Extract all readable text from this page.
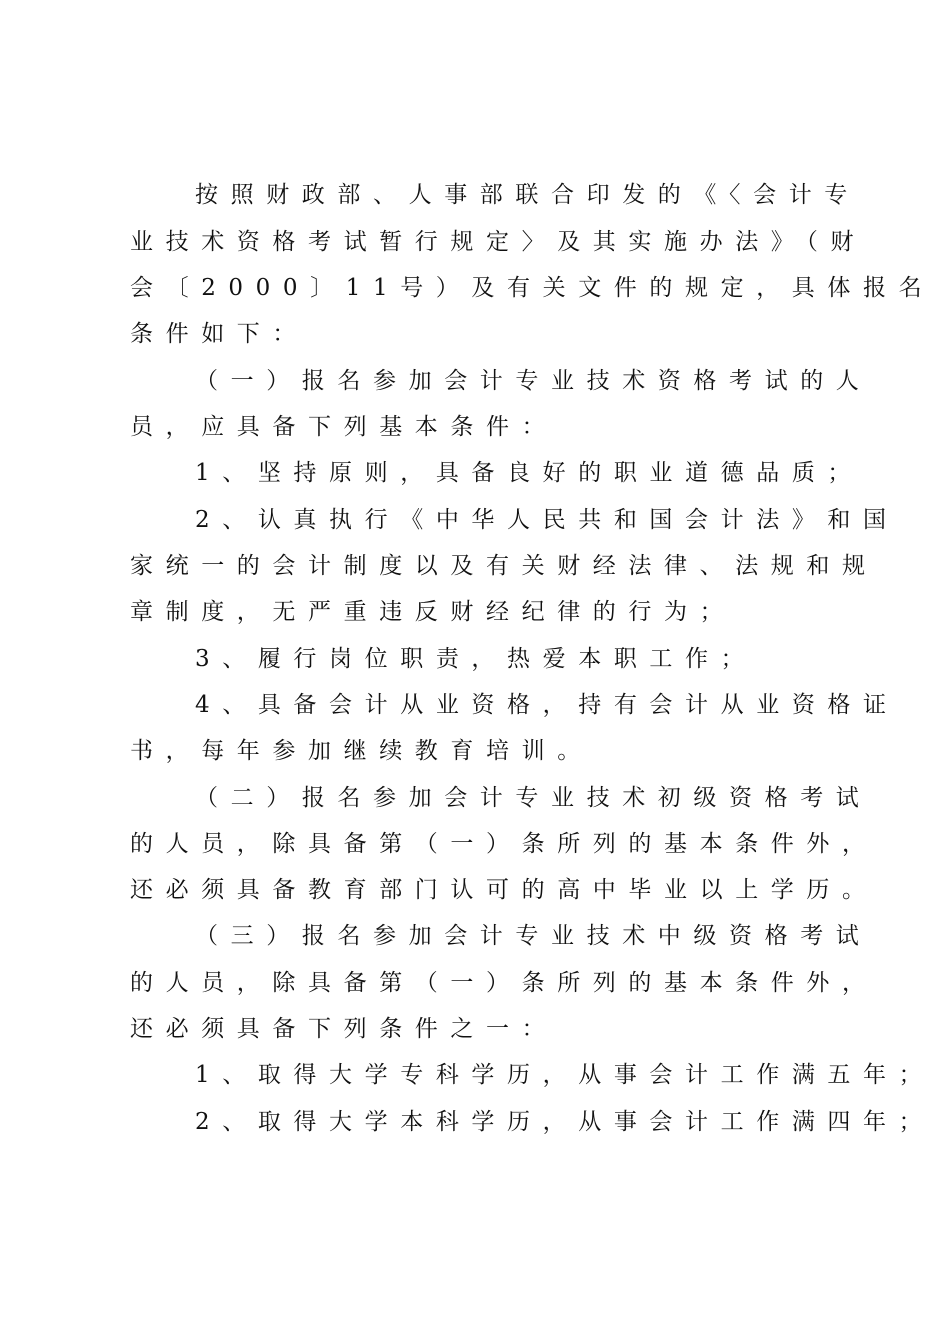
按照财政部、人事部联合印发的《〈会计专
业技术资格考试暂行规定〉及其实施办法》（财
会〔2000〕11号）及有关文件的规定，具体报名
条件如下：
（一）报名参加会计专业技术资格考试的人
员，应具备下列基本条件：
1、坚持原则，具备良好的职业道德品质；
2、认真执行《中华人民共和国会计法》和国
家统一的会计制度以及有关财经法律、法规和规
章制度，无严重违反财经纪律的行为；
3、履行岗位职责，热爱本职工作；
4、具备会计从业资格，持有会计从业资格证
书，每年参加继续教育培训。
（二）报名参加会计专业技术初级资格考试
的人员，除具备第（一）条所列的基本条件外，
还必须具备教育部门认可的高中毕业以上学历。
（三）报名参加会计专业技术中级资格考试
的人员，除具备第（一）条所列的基本条件外，
还必须具备下列条件之一：
1、取得大学专科学历，从事会计工作满五年；
2、取得大学本科学历，从事会计工作满四年；
